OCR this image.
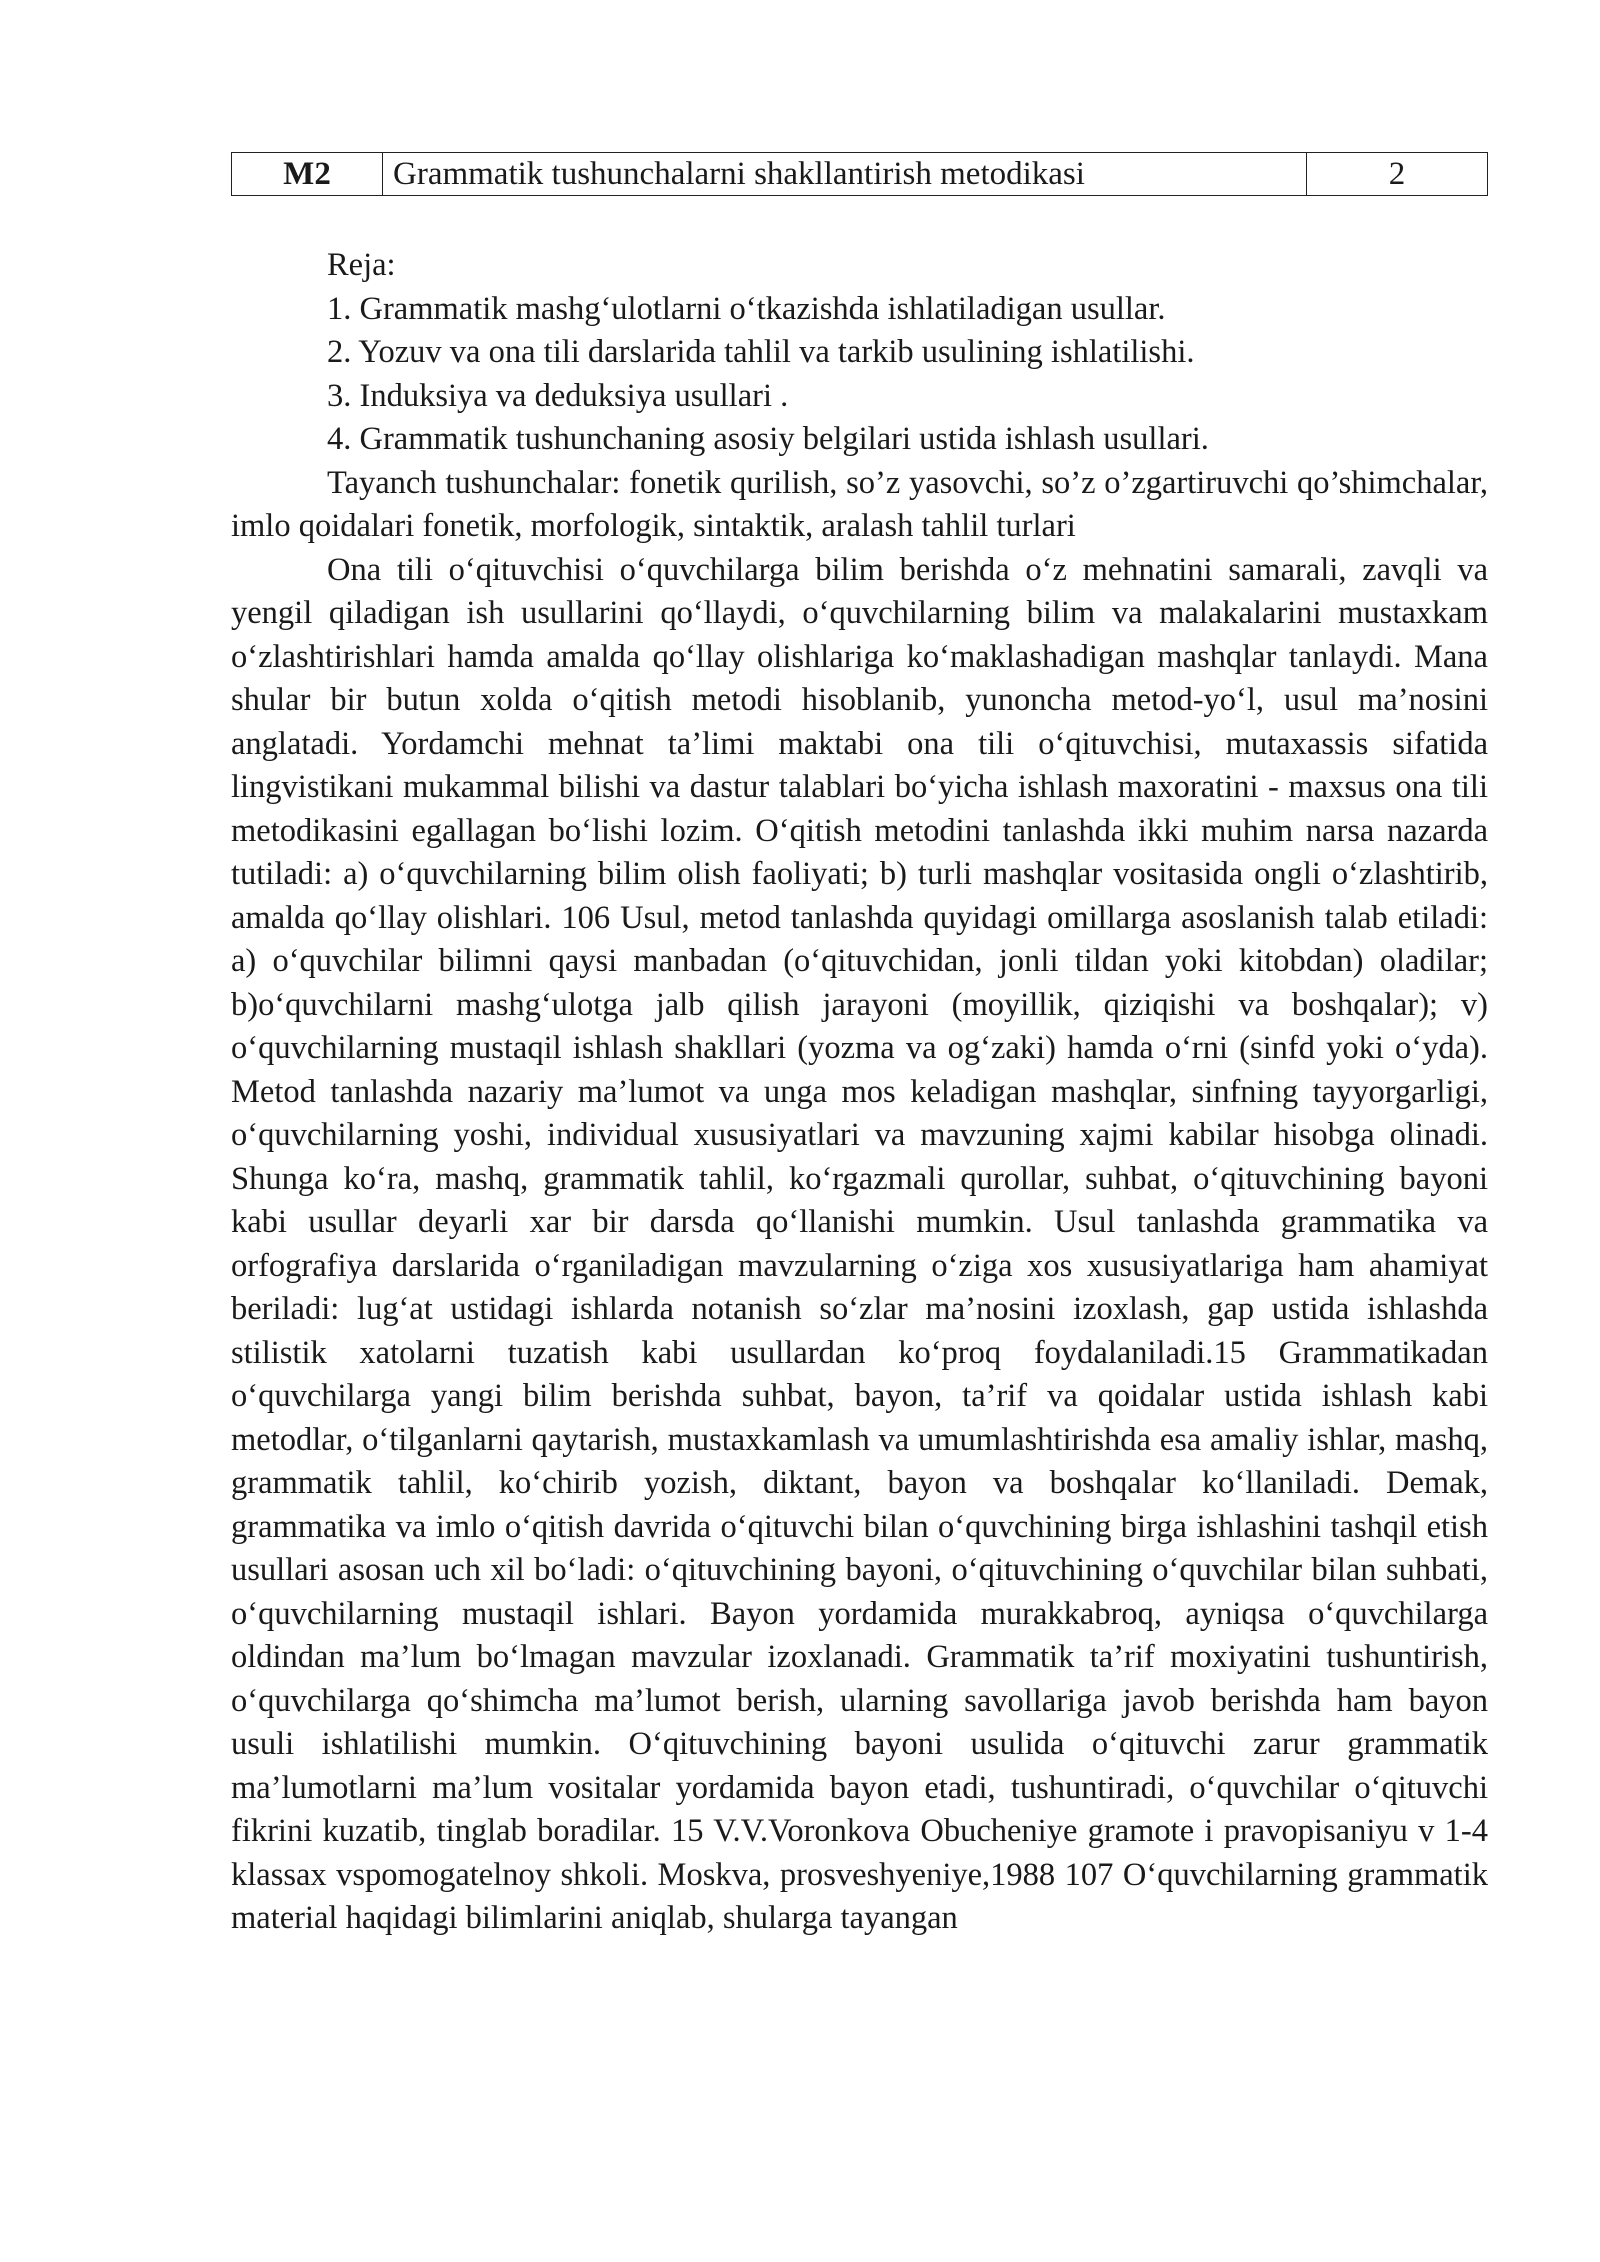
M2	Grammatik tushunchalarni shakllantirish metodikasi	2
Reja:
1. Grammatik mashg‘ulotlarni o‘tkazishda ishlatiladigan usullar.
2. Yozuv va ona tili darslarida tahlil va tarkib usulining ishlatilishi.
3. Induksiya va deduksiya usullari .
4. Grammatik tushunchaning asosiy belgilari ustida ishlash usullari.

Tayanch tushunchalar: fonetik qurilish, so’z yasovchi, so’z o’zgartiruvchi qo’shimchalar, imlo qoidalari fonetik, morfologik, sintaktik, aralash tahlil turlari

Ona tili o‘qituvchisi o‘quvchilarga bilim berishda o‘z mehnatini samarali, zavqli va yengil qiladigan ish usullarini qo‘llaydi, o‘quvchilarning bilim va malakalarini mustaxkam o‘zlashtirishlari hamda amalda qo‘llay olishlariga ko‘maklashadigan mashqlar tanlaydi. Mana shular bir butun xolda o‘qitish metodi hisoblanib, yunoncha metod-yo‘l, usul ma’nosini anglatadi. Yordamchi mehnat ta’limi maktabi ona tili o‘qituvchisi, mutaxassis sifatida lingvistikani mukammal bilishi va dastur talablari bo‘yicha ishlash maxoratini - maxsus ona tili metodikasini egallagan bo‘lishi lozim. O‘qitish metodini tanlashda ikki muhim narsa nazarda tutiladi: a) o‘quvchilarning bilim olish faoliyati; b) turli mashqlar vositasida ongli o‘zlashtirib, amalda qo‘llay olishlari. 106 Usul, metod tanlashda quyidagi omillarga asoslanish talab etiladi: a) o‘quvchilar bilimni qaysi manbadan (o‘qituvchidan, jonli tildan yoki kitobdan) oladilar; b)o‘quvchilarni mashg‘ulotga jalb qilish jarayoni (moyillik, qiziqishi va boshqalar); v) o‘quvchilarning mustaqil ishlash shakllari (yozma va og‘zaki) hamda o‘rni (sinfd yoki o‘yda). Metod tanlashda nazariy ma’lumot va unga mos keladigan mashqlar, sinfning tayyorgarligi, o‘quvchilarning yoshi, individual xususiyatlari va mavzuning xajmi kabilar hisobga olinadi. Shunga ko‘ra, mashq, grammatik tahlil, ko‘rgazmali qurollar, suhbat, o‘qituvchining bayoni kabi usullar deyarli xar bir darsda qo‘llanishi mumkin. Usul tanlashda grammatika va orfografiya darslarida o‘rganiladigan mavzularning o‘ziga xos xususiyatlariga ham ahamiyat beriladi: lug‘at ustidagi ishlarda notanish so‘zlar ma’nosini izoxlash, gap ustida ishlashda stilistik xatolarni tuzatish kabi usullardan ko‘proq foydalaniladi.15 Grammatikadan o‘quvchilarga yangi bilim berishda suhbat, bayon, ta’rif va qoidalar ustida ishlash kabi metodlar, o‘tilganlarni qaytarish, mustaxkamlash va umumlashtirishda esa amaliy ishlar, mashq, grammatik tahlil, ko‘chirib yozish, diktant, bayon va boshqalar ko‘llaniladi. Demak, grammatika va imlo o‘qitish davrida o‘qituvchi bilan o‘quvchining birga ishlashini tashqil etish usullari asosan uch xil bo‘ladi: o‘qituvchining bayoni, o‘qituvchining o‘quvchilar bilan suhbati, o‘quvchilarning mustaqil ishlari. Bayon yordamida murakkabroq, ayniqsa o‘quvchilarga oldindan ma’lum bo‘lmagan mavzular izoxlanadi. Grammatik ta’rif moxiyatini tushuntirish, o‘quvchilarga qo‘shimcha ma’lumot berish, ularning savollariga javob berishda ham bayon usuli ishlatilishi mumkin. O‘qituvchining bayoni usulida o‘qituvchi zarur grammatik ma’lumotlarni ma’lum vositalar yordamida bayon etadi, tushuntiradi, o‘quvchilar o‘qituvchi fikrini kuzatib, tinglab boradilar. 15 V.V.Voronkova Obucheniye gramote i pravopisaniyu v 1-4 klassax vspomogatelnoy shkoli. Moskva, prosveshyeniye,1988 107 O‘quvchilarning grammatik material haqidagi bilimlarini aniqlab, shularga tayangan
